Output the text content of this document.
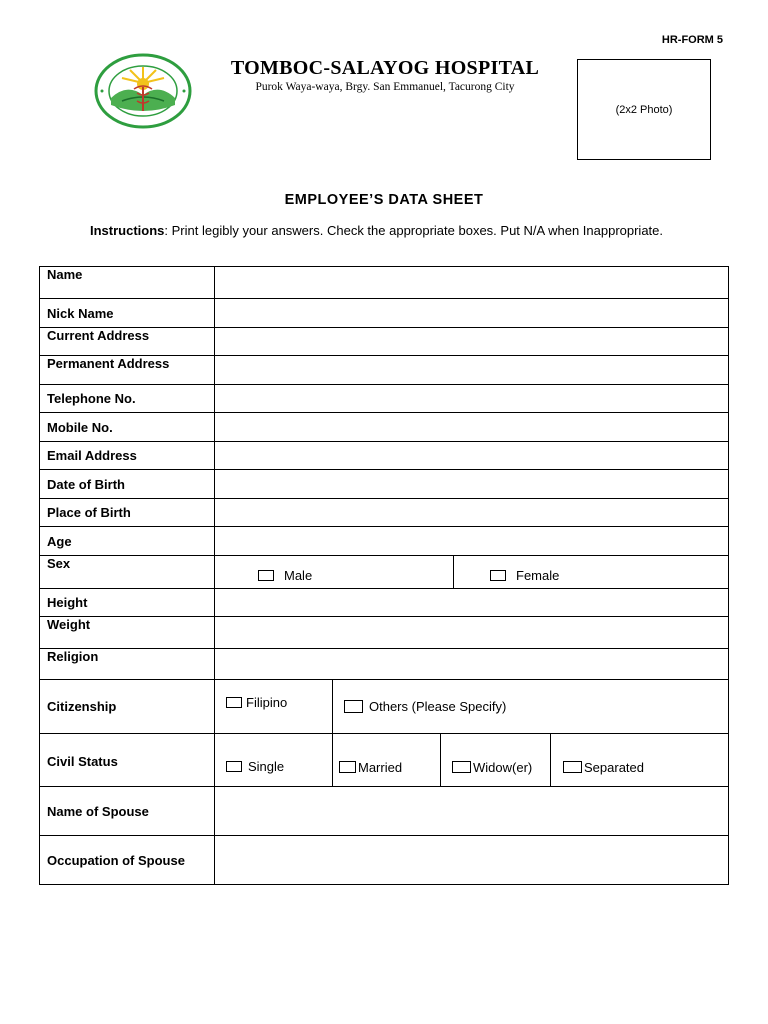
HR-FORM 5
TOMBOC-SALAYOG HOSPITAL
Purok Waya-waya, Brgy. San Emmanuel, Tacurong City
(2x2 Photo)
EMPLOYEE’S DATA SHEET
Instructions: Print legibly your answers. Check the appropriate boxes. Put N/A when Inappropriate.
Name	
Nick Name	
Current Address	
Permanent Address	
Telephone No.	
Mobile No.	
Email Address	
Date of Birth	
Place of Birth	
Age	
Sex	Male Female

Height	
Weight	
Religion	
Citizenship	Filipino Others (Please Specify)

Civil Status	Single Married Widow(er) Separated

Name of Spouse	
Occupation of Spouse	
